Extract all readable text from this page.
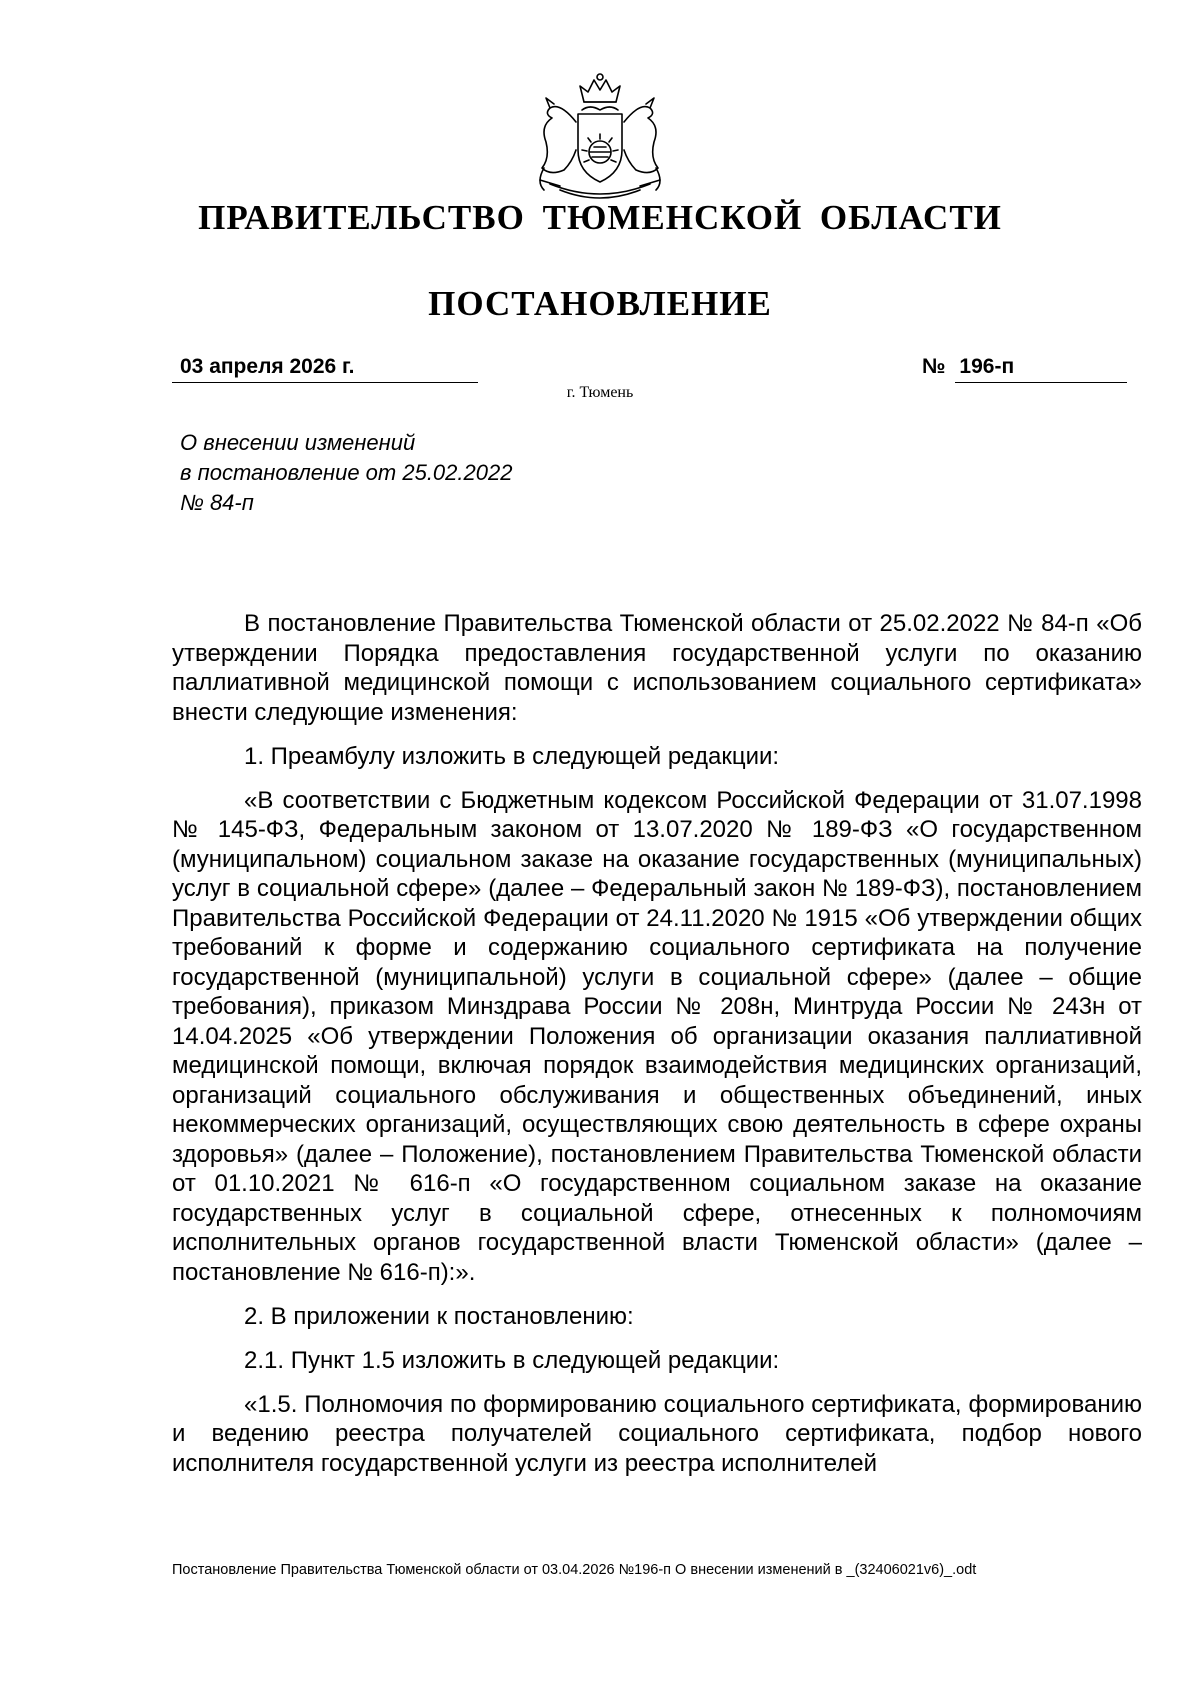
ПРАВИТЕЛЬСТВО ТЮМЕНСКОЙ ОБЛАСТИ
ПОСТАНОВЛЕНИЕ
03 апреля 2026 г.	№ 196-п
г. Тюмень
О внесении изменений
в постановление от 25.02.2022
№ 84-п

В постановление Правительства Тюменской области от 25.02.2022 № 84-п «Об утверждении Порядка предоставления государственной услуги по оказанию паллиативной медицинской помощи с использованием социального сертификата» внести следующие изменения:

1. Преамбулу изложить в следующей редакции:

«В соответствии с Бюджетным кодексом Российской Федерации от 31.07.1998 № 145-ФЗ, Федеральным законом от 13.07.2020 № 189-ФЗ «О государственном (муниципальном) социальном заказе на оказание государственных (муниципальных) услуг в социальной сфере» (далее – Федеральный закон № 189-ФЗ), постановлением Правительства Российской Федерации от 24.11.2020 № 1915 «Об утверждении общих требований к форме и содержанию социального сертификата на получение государственной (муниципальной) услуги в социальной сфере» (далее – общие требования), приказом Минздрава России № 208н, Минтруда России № 243н от 14.04.2025 «Об утверждении Положения об организации оказания паллиативной медицинской помощи, включая порядок взаимодействия медицинских организаций, организаций социального обслуживания и общественных объединений, иных некоммерческих организаций, осуществляющих свою деятельность в сфере охраны здоровья» (далее – Положение), постановлением Правительства Тюменской области от 01.10.2021 № 616-п «О государственном социальном заказе на оказание государственных услуг в социальной сфере, отнесенных к полномочиям исполнительных органов государственной власти Тюменской области» (далее – постановление № 616-п):».

2. В приложении к постановлению:

2.1. Пункт 1.5 изложить в следующей редакции:

«1.5. Полномочия по формированию социального сертификата, формированию и ведению реестра получателей социального сертификата, подбор нового исполнителя государственной услуги из реестра исполнителей

Постановление Правительства Тюменской области от 03.04.2026 №196-п О внесении изменений в _(32406021v6)_.odt
